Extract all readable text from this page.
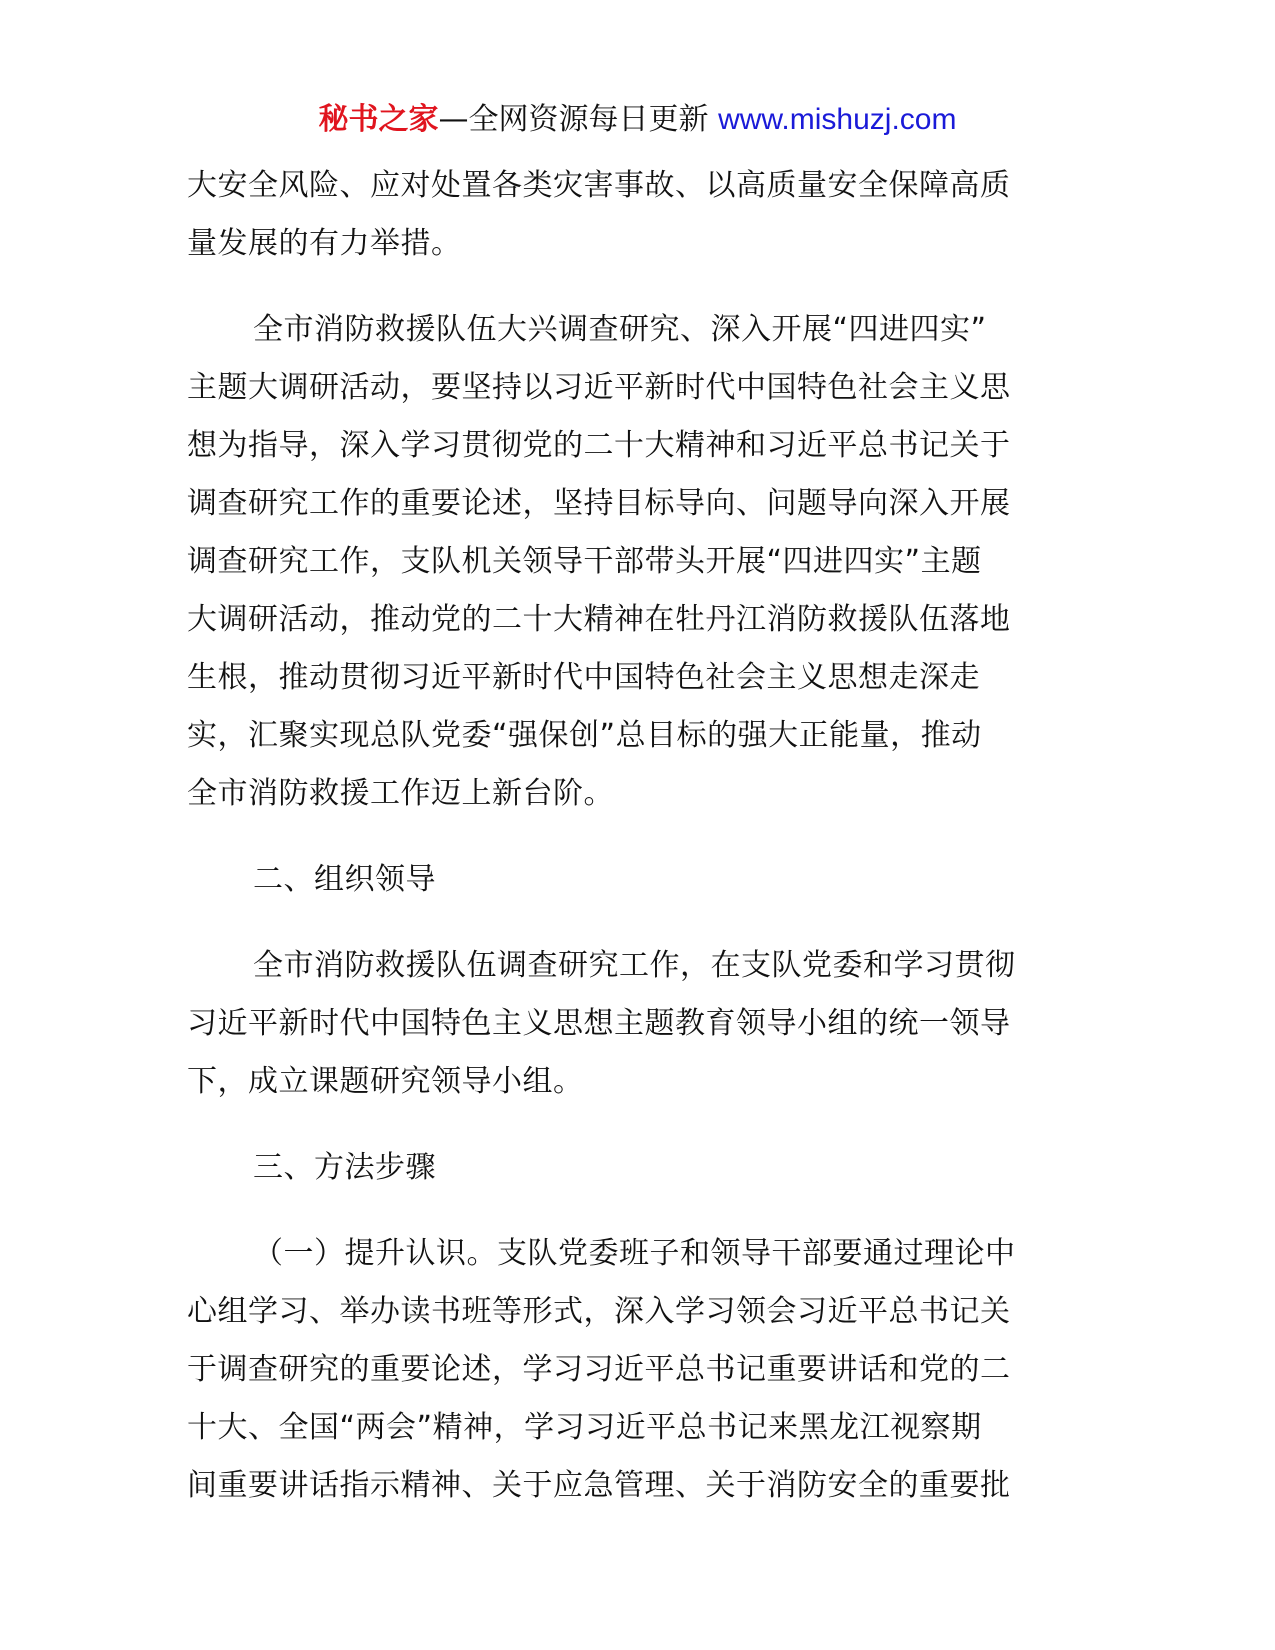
秘书之家—全网资源每日更新 www.mishuzj.com
大安全风险、应对处置各类灾害事故、以高质量安全保障高质
量发展的有力举措。
全市消防救援队伍大兴调查研究、深入开展“四进四实”
主题大调研活动，要坚持以习近平新时代中国特色社会主义思
想为指导，深入学习贯彻党的二十大精神和习近平总书记关于
调查研究工作的重要论述，坚持目标导向、问题导向深入开展
调查研究工作，支队机关领导干部带头开展“四进四实”主题
大调研活动，推动党的二十大精神在牡丹江消防救援队伍落地
生根，推动贯彻习近平新时代中国特色社会主义思想走深走
实，汇聚实现总队党委“强保创”总目标的强大正能量，推动
全市消防救援工作迈上新台阶。
二、组织领导
全市消防救援队伍调查研究工作，在支队党委和学习贯彻
习近平新时代中国特色主义思想主题教育领导小组的统一领导
下，成立课题研究领导小组。
三、方法步骤
（一）提升认识。支队党委班子和领导干部要通过理论中
心组学习、举办读书班等形式，深入学习领会习近平总书记关
于调查研究的重要论述，学习习近平总书记重要讲话和党的二
十大、全国“两会”精神，学习习近平总书记来黑龙江视察期
间重要讲话指示精神、关于应急管理、关于消防安全的重要批
